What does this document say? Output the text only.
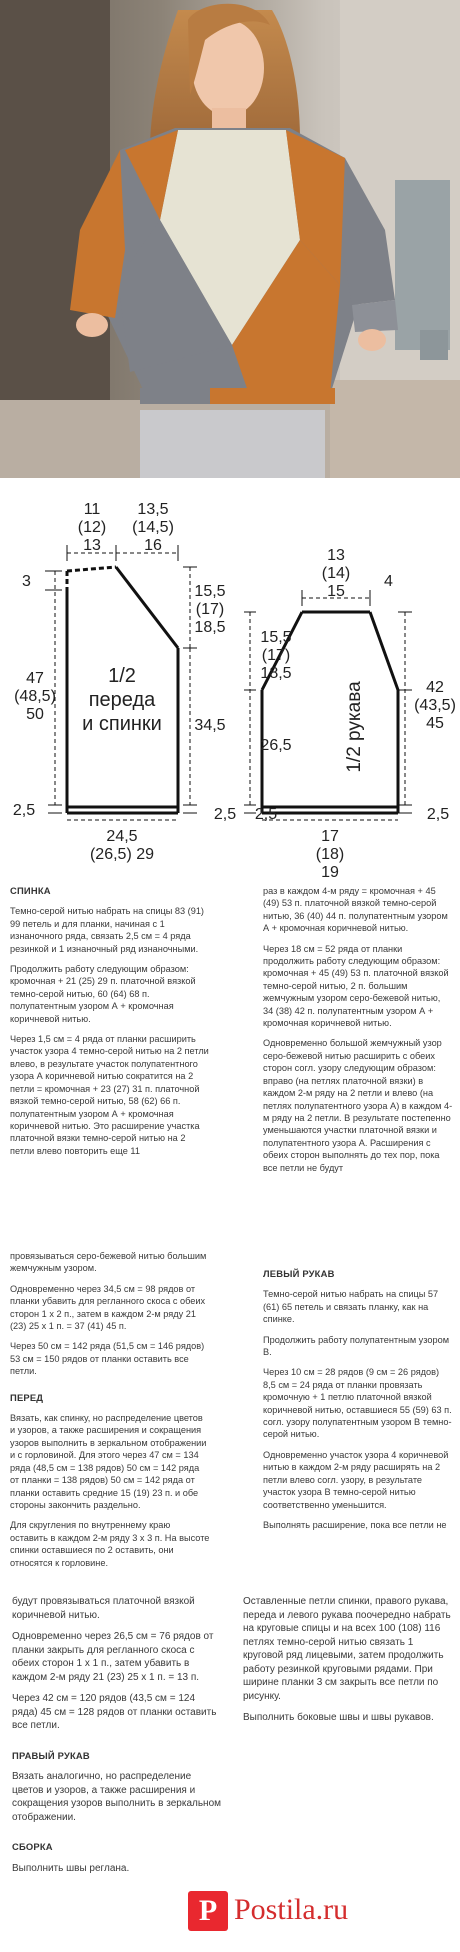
11
(12)
13
13,5
(14,5)
16
3
15,5
(17)
18,5
34,5
47
(48,5)
50
1/2
переда
и спинки
24,5
(26,5) 29
2,5	2,5
13
(14)
15
4
15,5
(17)
18,5
26,5
42
(43,5)
45
1/2 рукава
17
(18)
19
2,5	2,5
СПИНКА

Темно-серой нитью набрать на спицы 83 (91) 99 петель и для планки, начиная с 1 изнаночного ряда, связать 2,5 см = 4 ряда резинкой и 1 изнаночный ряд изнаночными.

Продолжить работу следующим образом: кромочная + 21 (25) 29 п. платочной вязкой темно-серой нитью, 60 (64) 68 п. полупатентным узором А + кромочная коричневой нитью.

Через 1,5 см = 4 ряда от планки расширить участок узора 4 темно-серой нитью на 2 петли влево, в результате участок полупатентного узора А коричневой нитью сократится на 2 петли = кромочная + 23 (27) 31 п. платочной вязкой темно-серой нитью, 58 (62) 66 п. полупатентным узором А + кромочная коричневой нитью. Это расширение участка платочной вязки темно-серой нитью на 2 петли влево повторить еще 11

раз в каждом 4-м ряду = кромочная + 45 (49) 53 п. платочной вязкой темно-серой нитью, 36 (40) 44 п. полупатентным узором А + кромочная коричневой нитью.

Через 18 см = 52 ряда от планки продолжить работу следующим образом: кромочная + 45 (49) 53 п. платочной вязкой темно-серой нитью, 2 п. большим жемчужным узором серо-бежевой нитью, 34 (38) 42 п. полупатентным узором А + кромочная коричневой нитью.

Одновременно большой жемчужный узор серо-бежевой нитью расширить с обеих сторон согл. узору следующим образом: вправо (на петлях платочной вязки) в каждом 2-м ряду на 2 петли и влево (на петлях полупатентного узора А) в каждом 4-м ряду на 2 петли. В результате постепенно уменьшаются участки платочной вязки и полупатентного узора А. Расширения с обеих сторон выполнять до тех пор, пока все петли не будут

провязываться серо-бежевой нитью большим жемчужным узором.

Одновременно через 34,5 см = 98 рядов от планки убавить для регланного скоса с обеих сторон 1 х 2 п., затем в каждом 2-м ряду 21 (23) 25 х 1 п. = 37 (41) 45 п.

Через 50 см = 142 ряда (51,5 см = 146 рядов) 53 см = 150 рядов от планки оставить все петли.

ПЕРЕД

Вязать, как спинку, но распределение цветов и узоров, а также расширения и сокращения узоров выполнить в зеркальном отображении и с горловиной. Для этого через 47 см = 134 ряда (48,5 см = 138 рядов) 50 см = 142 ряда от планки = 138 рядов) 50 см = 142 ряда от планки оставить средние 15 (19) 23 п. и обе стороны закончить раздельно.

Для скругления по внутреннему краю оставить в каждом 2-м ряду 3 х 3 п. На высоте спинки оставшиеся по 2 оставить, они относятся к горловине.

ЛЕВЫЙ РУКАВ

Темно-серой нитью набрать на спицы 57 (61) 65 петель и связать планку, как на спинке.

Продолжить работу полупатентным узором В.

Через 10 см = 28 рядов (9 см = 26 рядов) 8,5 см = 24 ряда от планки провязать кромочную + 1 петлю платочной вязкой коричневой нитью, оставшиеся 55 (59) 63 п. согл. узору полупатентным узором В темно-серой нитью.

Одновременно участок узора 4 коричневой нитью в каждом 2-м ряду расширять на 2 петли влево согл. узору, в результате участок узора В темно-серой нитью соответственно уменьшится.

Выполнять расширение, пока все петли не

будут провязываться платочной вязкой коричневой нитью.

Одновременно через 26,5 см = 76 рядов от планки закрыть для регланного скоса с обеих сторон 1 х 1 п., затем убавить в каждом 2-м ряду 21 (23) 25 х 1 п. = 13 п.

Через 42 см = 120 рядов (43,5 см = 124 ряда) 45 см = 128 рядов от планки оставить все петли.

ПРАВЫЙ РУКАВ

Вязать аналогично, но распределение цветов и узоров, а также расширения и сокращения узоров выполнить в зеркальном отображении.

СБОРКА

Выполнить швы реглана.

Оставленные петли спинки, правого рукава, переда и левого рукава поочередно набрать на круговые спицы и на всех 100 (108) 116 петлях темно-серой нитью связать 1 круговой ряд лицевыми, затем продолжить работу резинкой круговыми рядами. При ширине планки 3 см закрыть все петли по рисунку.

Выполнить боковые швы и швы рукавов.

P Postila.ru
